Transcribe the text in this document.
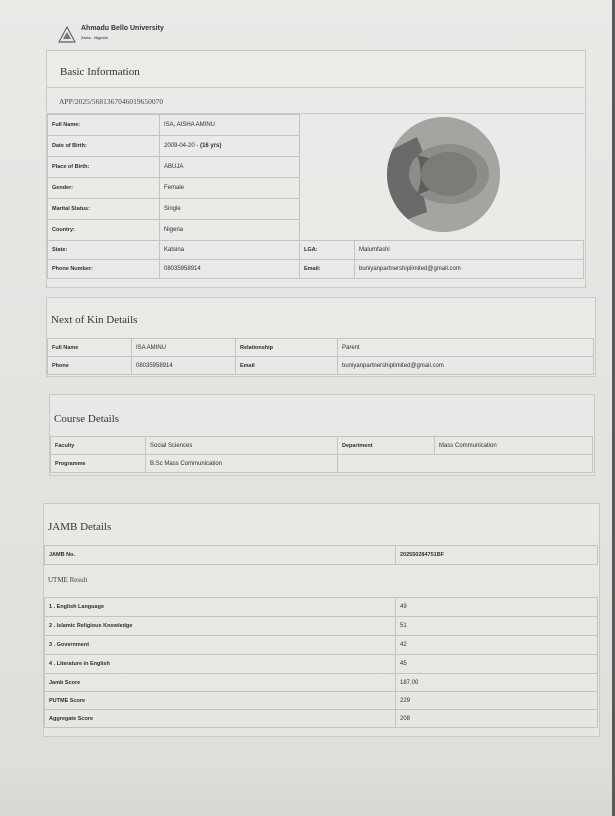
Ahmadu Bello University
Zaria - Nigeria
Basic Information
APP/2025/5681367046019650070
Full Name:	ISA, AISHA AMINU
Date of Birth:	2009-04-20 - (16 yrs)
Place of Birth:	ABUJA
Gender:	Female
Marital Status:	Single
Country:	Nigeria
State:	Katsina	LGA:	Malumfashi
Phone Number:	08035958914	Email:	buniyanpartnershiplimited@gmail.com
Next of Kin Details
Full Name	ISA AMINU	Relationship	Parent
Phone	08035958914	Email	buniyanpartnershiplimited@gmail.com
Course Details
Faculty	Social Sciences	Department	Mass Communication
Programme	B.Sc Mass Communication		
JAMB Details
JAMB No.	202550284751BF
UTME Result
1 . English Language	49
2 . Islamic Religious Knowledge	51
3 . Government	42
4 . Literature in English	45
Jamb Score	187.00
PUTME Score	229
Aggregate Score	208
